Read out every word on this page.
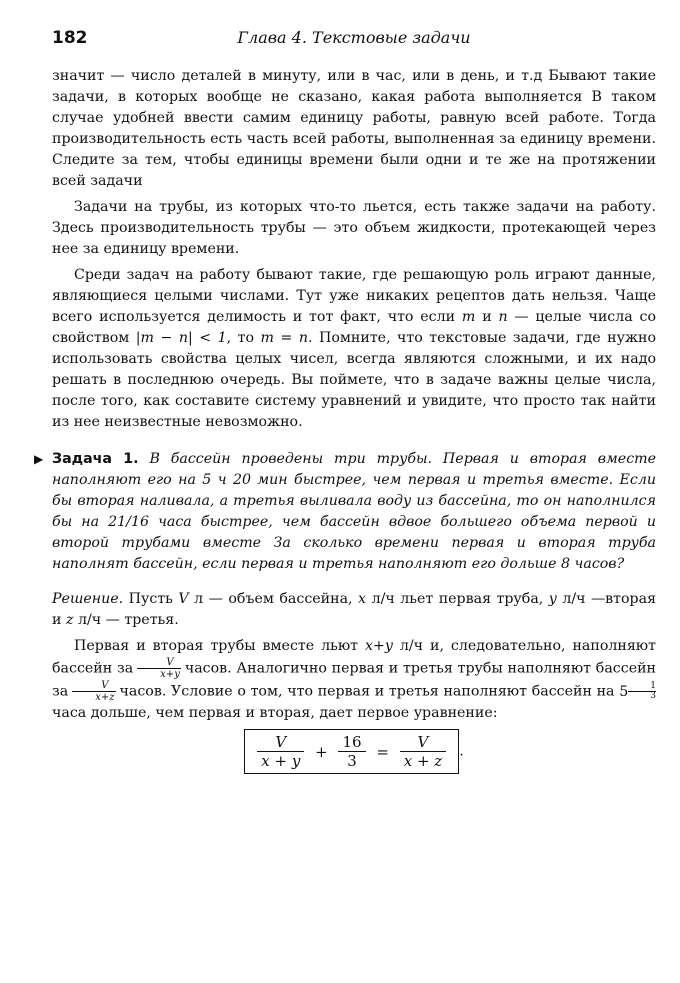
182	Глава 4. Текстовые задачи

значит — число деталей в минуту, или в час, или в день, и т.д Бывают такие задачи, в которых вообще не сказано, какая работа выполняется В таком случае удобней ввести самим единицу работы, равную всей работе. Тогда производительность есть часть всей работы, выполненная за единицу времени. Следите за тем, чтобы единицы времени были одни и те же на протяжении всей задачи

Задачи на трубы, из которых что-то льется, есть также задачи на работу. Здесь производительность трубы — это объем жидкости, протекающей через нее за единицу времени.

Среди задач на работу бывают такие, где решающую роль играют данные, являющиеся целыми числами. Тут уже никаких рецептов дать нельзя. Чаще всего используется делимость и тот факт, что если m и n — целые числа со свойством |m − n| < 1, то m = n. Помните, что текстовые задачи, где нужно использовать свойства целых чисел, всегда являются сложными, и их надо решать в последнюю очередь. Вы поймете, что в задаче важны целые числа, после того, как составите систему уравнений и увидите, что просто так найти из нее неизвестные невозможно.

▶ Задача 1. В бассейн проведены три трубы. Первая и вторая вместе наполняют его на 5 ч 20 мин быстрее, чем первая и третья вместе. Если бы вторая наливала, а третья выливала воду из бассейна, то он наполнился бы на 21/16 часа быстрее, чем бассейн вдвое большего объема первой и второй трубами вместе За сколько времени первая и вторая труба наполнят бассейн, если первая и третья наполняют его дольше 8 часов?

Решение. Пусть V л — объем бассейна, x л/ч льет первая труба, y л/ч —вторая и z л/ч — третья.

Первая и вторая трубы вместе льют x+y л/ч и, следовательно, наполняют бассейн за $\frac{V}{x+y}$ часов. Аналогично первая и третья трубы наполняют бассейн за $\frac{V}{x+z}$ часов. Условие о том, что первая и третья наполняют бассейн на $5 \frac{1}{3}$
часа дольше, чем первая и вторая, дает первое уравнение:

$\frac{V}{x + y} + \frac{16}{3} = \frac{V}{x + z}$ .
